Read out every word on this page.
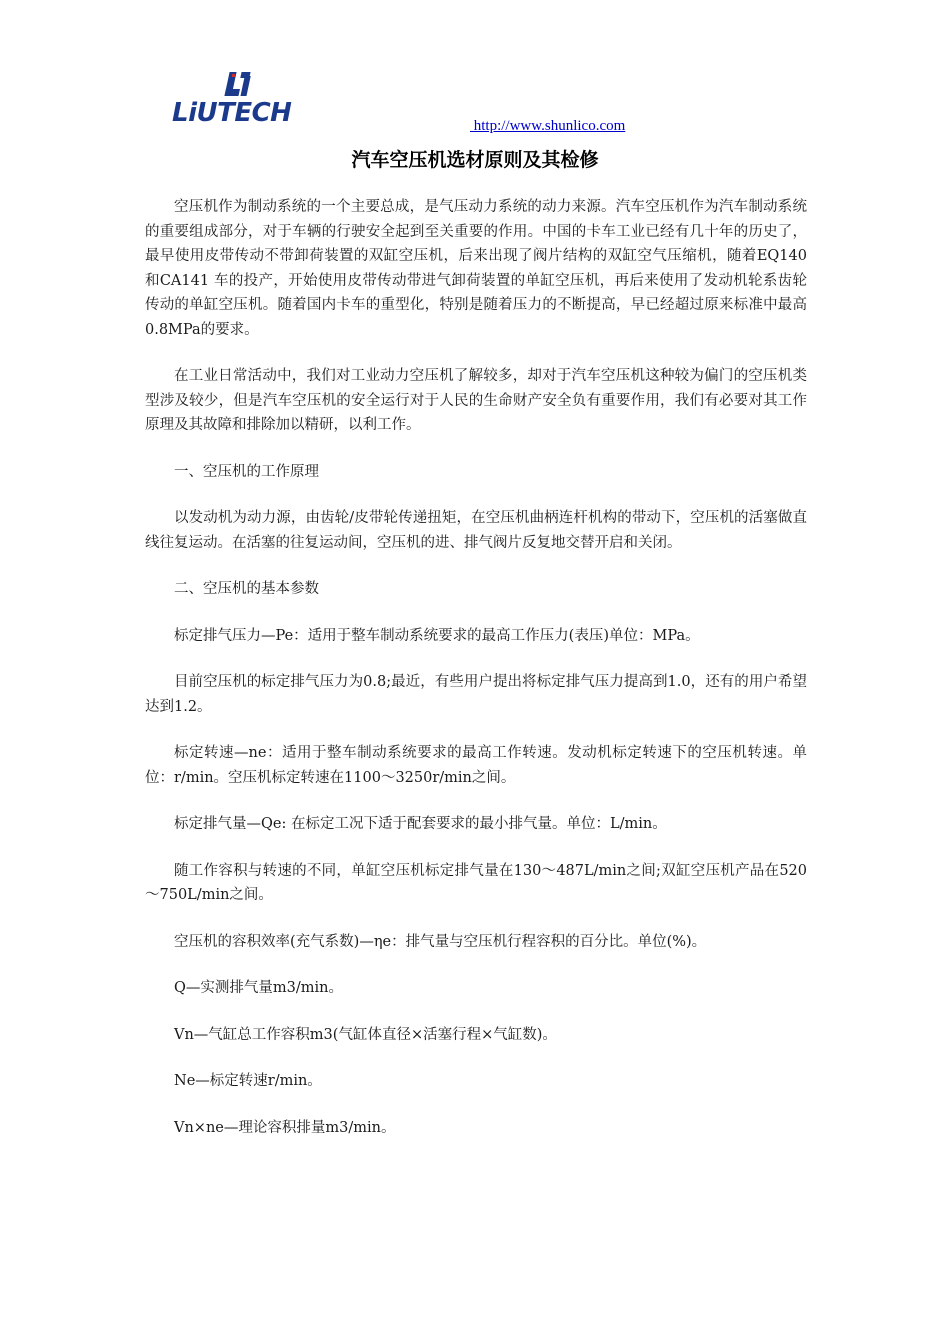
LiUTECH	http://www.shunlico.com
汽车空压机选材原则及其检修

空压机作为制动系统的一个主要总成，是气压动力系统的动力来源。汽车空压机作为汽车制动系统的重要组成部分，对于车辆的行驶安全起到至关重要的作用。中国的卡车工业已经有几十年的历史了，最早使用皮带传动不带卸荷装置的双缸空压机，后来出现了阀片结构的双缸空气压缩机，随着EQ140 和CA141 车的投产，开始使用皮带传动带进气卸荷装置的单缸空压机，再后来使用了发动机轮系齿轮传动的单缸空压机。随着国内卡车的重型化，特别是随着压力的不断提高，早已经超过原来标准中最高0.8MPa的要求。

在工业日常活动中，我们对工业动力空压机了解较多，却对于汽车空压机这种较为偏门的空压机类型涉及较少，但是汽车空压机的安全运行对于人民的生命财产安全负有重要作用，我们有必要对其工作原理及其故障和排除加以精研，以利工作。

一、空压机的工作原理

以发动机为动力源，由齿轮/皮带轮传递扭矩，在空压机曲柄连杆机构的带动下，空压机的活塞做直线往复运动。在活塞的往复运动间，空压机的进、排气阀片反复地交替开启和关闭。

二、空压机的基本参数

标定排气压力—Pe：适用于整车制动系统要求的最高工作压力(表压)单位：MPa。

目前空压机的标定排气压力为0.8;最近，有些用户提出将标定排气压力提高到1.0，还有的用户希望达到1.2。

标定转速—ne：适用于整车制动系统要求的最高工作转速。发动机标定转速下的空压机转速。单位：r/min。空压机标定转速在1100～3250r/min之间。

标定排气量—Qe: 在标定工况下适于配套要求的最小排气量。单位：L/min。

随工作容积与转速的不同，单缸空压机标定排气量在130～487L/min之间;双缸空压机产品在520 ～750L/min之间。

空压机的容积效率(充气系数)—ηe：排气量与空压机行程容积的百分比。单位(%)。

Q—实测排气量m3/min。

Vn—气缸总工作容积m3(气缸体直径×活塞行程×气缸数)。

Ne—标定转速r/min。

Vn×ne—理论容积排量m3/min。
